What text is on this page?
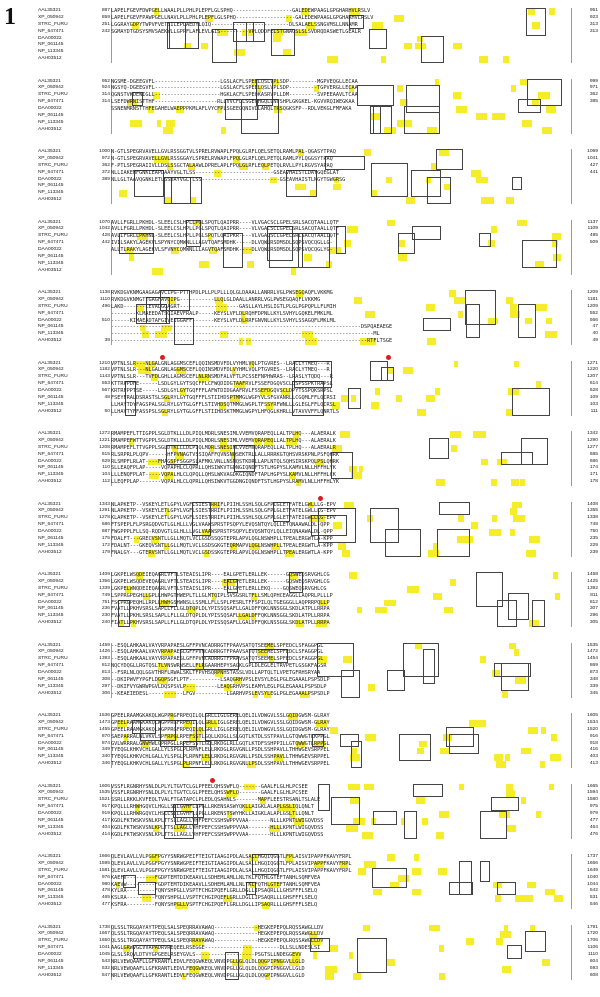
1	AAL35321
XP_050942
STRC_FURU
NP_647471
DAA00022
NP_061145
NP_113345
AAH03512
887
859
251
242
LAPELFGEVFDWPGELLWAALPLLPHLPLEPFLGLSPHQ-------------------GALEDEWPAAGLGPGHARHVLRSLV
LAPELFGEVFPAWPGELLNAVLPLLPHLPLEPFLGLSPHQ-------------------GALEDEWPAAGLGPGHARHVLRSLV
LGGRAYGDPYTWPVFVETSILEPLAEDYLQIQ-------------------------DLSALAELSSNGVMSLLNNAMR
SGMAYDTGDSYSMVSAEKWLLGPPFLAFLEVLGIS---------VPLQDDFELSTGNAGSLSLSVDRQDASWETLGEALR
951
923
313
313
AAL35321
XP_050942
STRC_FURU
NP_647471
DAA00022
NP_061145
NP_113345
AAH03512
952
924
314
314
NGSME-DGEEGVFL---------------------LGSLACFLSPEELQSLVPLSDP---------MGPVEQGLLECAA
NGSYQ-DGEEGVFL---------------------LGSLACFLSPEELQSLVPLSDP---------TGPVERGLLECAA
QGNSTVKDEWIGLL---------------------HGKLACFLSPEQKASRVPLLDM---------SVPEEAAVLTCAA
LSEFDWRNISTTHF--------------------RLLVVCFLLSGEGHGQLLNVSHPLGKGKEL-KGVVRQIWEGKAA
SSNENMRNSTTHFEGAHELWAEPPPKMLAFLVYCFPLSGEEGQNIVDLAHQLTRSQGKSFP--RDLVEKGLFMFAKA
999
971
362
385
AAL35321
XP_050942
STRC_FURU
NP_647471
DAA00022
NP_061145
NP_113345
AAH03512
1000
972
362
372
389
N-GTLSPEGRVAVELLGVLRSSGGTVLSPRELRVWAPLFPQLGLRFLQELSETQLRAMLPAL-QGASYTPAQ
N-GTLSPEGRVAVELLGVLRSSGGAYLSPRELRVWAPLFPQLGLRFLQELPETQLRAMLPYLQGGSYTPAQ
F-PTLSPEGRAIIVLLDSLSSGCTALAAWLDPRELAPLFPQLGLRFLEQLPETQLRVLLPYLRGVSYAPAQ
NLLIAKEMFGNKLEAPDAAYVGLTLSS-------------------------GSEAVHAISTLDAYGQEGLAT
NLLGLTAAVQGNKLETLSSDAYVGLTLSS-------------------------GSEAVHAISTLNGYTGWGRSG
1069
1041
427
441
AAL35321
XP_050942
STRC_FURU
NP_647471
DAA00022
NP_061145
NP_113345
AAH03512
1070
1042
428
442
AVLLFGRLLPKHDL-SLEELCSLHPLLPGLSPQTLQAIPRR----VLVGACSCLGPELSRLSACQTAALLQTF
AVLLFGRLLPKHDL-SLEELCSLHPLLPGLSPQTLQAIPRR----VLVGACSCLGPELSRLSACQTAALLQTF
AVLLFGRLLPKHNL-SLEELCSLHPLLPGLSPQTLQAIPKR----VLVGACSCLGPELSRLSACQTAALLQTF
IVILSAKYLAGEKVLSPYNYCQMWNLLLAGVTQAFSMDHK-----DLVQWLRSDMSDLSQPSVQCQGLLG-
ALLTLRAKYLAGEKVLSFVNYCQMWNLLLAGVTQAFSMDHK----DLVQWLRSDMSDLSQPSVQCQGLYG-
1137
1109
495
509
AAL35321
XP_050942
STRC_FURU
NP_647471
DAA00022
NP_061145
NP_113345
AAH03512
1138
1110
496
510
39
RVKDGVKNMGAAGAGAVCIPG-PTTHPDLPLLPLPLLLQLGLDAAALLANRRLVGLPWSEGQAQFLVKKMG
RVKDGVKNMGTTGAGFAVCIPG-----------LLQLGLDAALLANRRLVGLPWSEGQAQFLVKKMG
LAKD-------LEVALGGAGRT-------------------GASLLAYLHSLIGTLPLGLPGPQPLLFLMIH
--------KLMAEEDATSGIAEVFRALP-----KEYSLVFLDLRQHFDPNLLKYLSVHYLGQKELFMKLML
------KIMAEADTAFGIVEIGGAFF-------KEYSLVFLDLRRFGNVNLLKYLSVHYLSSAGQFLMKLML
--------------------------------------------------------------------------------DSPQAEAEGE
------------------------------------------------------------------------------------ML
----------------------------------------------------------------------------------RTFLTSGE
1209
1181
1209
552
566
47
40
49
AAL35321
XP_050942
STRC_FURU
NP_647471
DAA00022
NP_061145
NP_113345
AAH03512
1210
1182
1143
553
567
48
50
VPTNLSLR---NLGALGNLAGGMSCEFLQQINSMDVFDLVYHMLVQLPTGVRES--LRACLYTMEQ---R
VPTNLSLR---NLGALGNLAGGMSCEFLQQINSMDVFDLVYHMLVQLPTGVRES--LRACLYTMEQ---R
VPTNLSLR---TVFDLGHLLAGMSCEFLNLRNSMDFALVFTLPCSSEFNPHWRAS--LRASLYTQDQ---R
KTTRPPDFE------LSDLGYLGYTSQCFFLCFWQDIDGTAAFRVLFSSEFDGQVSCLQSPSSPKTRAPSL
KRTRFPPTSE-----LSDLGYLGYTGQFFFLAFWTDIDGAAFRVLFSSEFDGQVSCLDPYTSSPQKSRPSL
FSEYFRALDSRASTSLSGLRYLGYTGQFFFLSTIIHDSPTMMGLWGPYVLSFGVANRLLCGQMLFFLQCRSI
LLHAYTDYFAGSPALSGLRYLGYTGLGFFLSTIVHDSQTMMGLWGPLTFSSYRFWNLLLGLEGLFFLQCRSL
LLHAVTYFFASSPSLSGLRYLGYTGLGFFLSTIIHDSKTMMGLWGPYLHFQGLKHRLLVTAVVVFFLQNRTLS
1271
1220
1207
614
628
109
103
111
AAL35321
XP_050942
STRC_FURU
NP_647471
DAA00022
NP_061145
NP_113345
AAH03512
1272
1221
1208
615
629
110
104
112
RMAMPEFLTTIGPPLSGLDTKLLLDLPIQLMDRLSNESIMLVVEMVQRAPEQLLALTPLHQ---ALAERALK
RMAMPEFWTTVGPPLSGLDTKLLLDLPIQLMDRLSNESIMLVVEMVQRAPEQLLALTPLHQ---ALAERALK
RMAMPEFLTTVGPPLSGLDTKLLLDLPIQLMDRLSNESIMLVVEMVQRAPEQLLALTPLHQ---ALAERALR
RLSRPRLPLQPV------HFPVNAGTVSSIQAFFQVNSNQSEKTRLLALLRRRKGTQHSVRSKPNLPSFQHRK
RLSMPFLRLAT----FHAGSPFSGGPSLAFMKLVNLLNSNQSTKDRLLAPLNTQLSQHSIRSKPQLPSLQHRK
SLLEAQFPLAP-----VQPAPHLCLQPRLLQHSIWKVTGDNGIQNDFTSTLHGPYSLKAMVLNLLHFFHLYK
LLLENQFPLAT-----VQPALHLCLQPQLLQHSLWKVAGDKGIQNDFTAPLHGPYSLKAMVLNLLHFFHLCK
LLEQFPLAP-------VQPALHLCLQPRLLQHSIWKVTGGDNGIQNDFTSTLHGPYSLRAMVLNLLHFFHLYK
1342
1290
1277
685
686
174
171
178
AAL35321
XP_050942
STRC_FURU
NP_647471
DAA00022
NP_061145
NP_113345
AAH03512
1343
1291
1278
686
687
175
172
179
NLAPKETP--VSKEYLETLGPYLVGFLSIESTRRIFLPIIHLSSHLSQLGFPLGLETFATELGWLLLG-EPV
NLAPKETP--VSKEYLETLGPYLVGFLSIESTRRIFLPIIHLSSHLSQLGFPLGLETFATELGWLLLG-EPV
KLAPKETP--VSKEYLETLGPYLVGFLSIESTRRIFLPIIHLSSHLSQLGFPLGLETFATEIGWLLLG-EPV
FTSPEPLFLPSRGQDVGTLGLHLLLVGLVAAWSPRSTPSQPYLEVQSNTQYLQLLETQNAAWALDL-QPP
FWGPPPLFLLSQ-RQDVGTLGLHLLLVGLVAAWSPRSTPSQPYLEVQSNTQYLQLLEIQNAAWALDL-QPP
FDALFT---GRECVSNTLLGLLMQTLVCLGSDSSQGTEPRLAPVLQGLNSWHPLLTPEALERGWTLA-KPP
FDALNT---GKEQVSNTLLGLLMQTLVCLGSDSGKGTEQRMAPVLQGLNSWHPLLTPEALERGWTLA-KPP
FNALGY---GTERVSNTLLGLLMQTLVCLGSDSSKGTEPRLAPVLQGLNSWHPLLTPEALERGWTLA-KPP
1408
1355
1338
748
750
235
229
239
AAL35321
XP_050942
STRC_FURU
NP_647471
DAA00022
NP_061145
NP_113345
AAH03512
1409
1356
1339
749
751
236
230
240
LGKPELWSQDEIEQAGRLVFTLSTEAISLIPR----EALGPETLERLLEK------GQSWEQSRVGHLCG
LGKPELWSQDEVEQAGRLVFTLSTEAISLIPR----EALGPETLERLLEK------GQSWEQSRVGHLCG
LGKPELWNQDEIEQAGRLVFTLSTEAISLIPR----EALGPETLERLLEKQ----GQSWEQSRVGHLCG
LSPPRGPEGHLLGPLLHWPGTHWEPLTLLGLMTQIPLSVSGSRLTFLLSMLQPHCEAGGLLAQPRLPLLLP
FSCPRGPEQHLLRPLLHWHGSHWNSLLSSMLLFLLSPLPESRLTFFSPILQLTGEGGGLLAQPRRPQLLP
FVATLLPKHVSRSLSAPLLFLLGLDTQPLDLYPISSQSAFLLGALDFFQKLNNSGGLSKDLATPLLRRPA
FVATLLPKHLSRSLSAPLLFLLGLDTQPLDLYPISSQSAFLLGALDFFQKLNNSGGLSKDLATPLLRRPA
FIATLLPKHVSRSLSAPLLFLLGLDTQPLDLYPISSQSAFLLGALDFFQKLNSSGGLSKDLATPLLRRPA
1458
1425
1392
811
812
307
296
305
AAL35321
XP_050942
STRC_FURU
NP_647471
DAA00022
NP_061145
NP_113345
AAH03512
1459
1426
1393
812
813
308
297
306
--ESQLAHKAALVAYVRPAPAESLGFFPVNCADRRGTFPAAVSATQTSEEMELSPFEDCLSFAGGPGL
--ESQLAHKAALVAYVRPAPAESLGFFPVNCADRRGTFPAAVSATQTSEEMELSPFEDCLSFAGGPGL
--ESQLAHKAALVAYVRPAPAESLGFFPVNCADRRGTFPAAVSATQTSEEMELSPFEDCLSFAGGPGL
NQCYDQGLLRGTQSLTLVNSWRNSELLFLRGAARHEPYSAGKLGPLDLEGLELTRVPETLGSGKFAGSR
--FSRLNLQQLGGVTHRFLRWALSKLTFPVHSQRPNHSTASSLVDLLAPTQLTLVPETGFRHSRYAA
--DKIPWVFYPGFLDGQPSGFLPTF----------LSAQGRHVPSLEVSYLEGLPGLEGAAALPSPSDLP
--DKIFVYGWRWPGVLDQSPSVLP----------LEAQGRHVPSLEAMYLEGLPGLEGAAALPSPSDLP
--KEAEIEDESL-----------LFGV----------LGARHVPSLEVSYLEGLPGLEGAAALPSPSDLP
1535
1472
1454
869
873
348
339
345
AAL35321
XP_050942
STRC_FURU
NP_647471
DAA00022
NP_061145
NP_113345
AAH03512
1536
1473
1455
870
874
349
340
346
GPEELRAAMGKAKQLWGPPRGFRPEQILQLGRLLIGLGERELQELILVDWGVLSSLGQIDGWSM-GLRAY
GPEELRAAMGKAKQLWGPPRGFRPEQILQLGRLLIGLGERELQELILVDWGVLSSLGQIDGWSM-GLRAY
GPEELRAAMGKAKQLWGPPRGFRPEQILQLGRLLIGLGERELQELILVDWGVLSSLGQIDGWSM-GLRAY
SAEPARRALWLVKVLSPFRPGLRPEFSSTLGQLLKDGLLSLGQTLKTDLSSTPAVLLGTQWWGTLKPPGL
GVLWRRRALGNWHWLGPRPGLLRPEFSSTLGLLRKDGLRLLGQTLKTDFSSHPPILLGTQWWGTLRPPGL
TYEQGLKHKVCHLGALLYLSPGLPLRPNFLELLRKDGLRGVGNLLPSDLSSHPAVLLTHHWGEVSRPPEL
TYEQGLKHKVCHLGALLYLSPGLPLRPNFLELLRKDGLRGVGNLLPSDLSSHPAVLLTHHWGEVSRPPEL
TYEQGLKHKVCHLGALLYLSPGLPLRPNFLELLRKDGLRGVGNLLPSDLSSHPAVLLTHHWGEVSRPPEL
1605
1534
1520
916
918
416
403
413
AAL35321
XP_050942
STRC_FURU
NP_647471
DAA00022
NP_061145
NP_113345
AAH03512
1606
1535
1521
917
919
417
404
414
VSSFLRGNRHYSNLDLPLYLTGVTCLGLPFEELQHSSWFLQ-------GAALFLGLHLPCSEE
VSSFLRGNRHYSNLDLPLYLTGVTCLGLPFEELQHSSWFLQ-------GAALFLGLHLPCSEE
SSRLLRKKLKVFEQLTVALFTGATAPCLPLEDLQSAHNLS-------MAPFLEESTRSANLTSLALE
KPQLLLRHWHGQVCLHGLLSLLGVHFLLPGLLRKENSASWYQKLLAIGKLALAPLGSLIQLQNLT
KPQLLLRHWRGQVCLHSLLSLLGVHFLLPGLLRKENSTSWYHKLLAIGKLALAPLGSLTLLQNLT
KGDLFKTWSKVSNLKPLTTSLLAGLLVHFPEFCSSHSWPPVVAA-------NLLLKPNTLWIGQVDSS
KGDLFKTWSKVSNLKPLTTSLLAGLLVHFPEFCSSHSWPPVVAA-------HLLLKPNTLWIGQVDSS
KGDLFKTWSKVSNLKPLTTSLLAGLLVHFPEFCSSHSWPPVVAA-------HLLLKPNTLWIGQVDSS
1665
1594
1580
975
979
477
464
476
AAL35321
XP_050942
STRC_FURU
NP_647471
DAA00022
NP_061145
NP_113345
AAH03512
1666
1595
1581
976
980
478
465
477
QLEVLAVLLVLPGGFPGYYSNRWGPEIFTEIGTIAAGIPDLALSALLHGQIQGGTLFPLAISVIPAPPFKAVYFRPL
QLEVLAVLLVLPGGFPGYYSNRWGPEIFTEIGTIAAGIPDLALSALLHGQIQGGTLFPLAISVIPAPPFKAVYFRPL
QLEVLAVLLVLPGGFPGYYSNRWGPEIFTEIGTIAAGIPDLALSALLHGQIQGGTLFPLAISVIPAPPFKAVYFRPL
KAEFV---------FGDPTEMTDIKEAAVLLSDHEMLAMLLNLTKLFQTHLGTEFTANHLSQMFVEA
KAEVW---------FGDPTEMTDIKEAAVLLSDHEMLAMLLNLTKLFQTHLGTEFTANHLSQMFVEA
KYLRA---------FQNYSHPGLLVSPTFCHGIPQEFLGRLLDGLLIPSAQRLLLGHSFFFLSELQ
KSLRA---------FQNYSHPGLLVSPTFCHGIPQEFLGRLLDGLLIPSAQRLLLGHSFFFLSELQ
KSFRA---------FQNYSHPGLLVSPTFCHGIPQEFLGRLLDGLLIPSAQRLLLGHSFFFLSELQ
1737
1666
1649
1040
1044
542
531
546
AAL35321
XP_050942
STRC_FURU
NP_647471
DAA00022
NP_061145
NP_113345
AAH03512
1738
1667
1650
1041
1045
543
532
547
QLSSLTRGQAYAYTPEQLSALSPEQRRAVAWAQ--------------HEGKEPEPQLRQSSAWGLLDV
QLSSLTRGQAYAYTPEQLSALSPEQRRAVAWAQ--------------HEGKEPEPQLRQSSAWGLLDV
QLSSLTRGQAYAYTPEQLSALSPEQRRAVAWAQ--------------HEGKEPEPQLRQSSAWGLLDV
AAGLGRWVGLVVAPADRVREQEELRSEGGE------------------------DLLSLLNDESLSI
GLSLSRQVLDTVYGPGEELRSEYGVLS-------------------PSGTSLLNDEGGEVV
NRLVEWQAAFLLGFKRANTLEDVLFEQGWKEQLVNVDPGLLGLQLDLQQGPIPNGGVLLGLD
NRLVEWQAAFLLGFKRANTLEDVLFEQGWKEQLVNVDPGLLGLQLDLQQGPIPNGGVLLGLD
NRLVEWQAAFLLGFKRANTLEDVLFEQGWKEQLVNVDPGLLGLQLDLQQGPIPNGGVLLGLD
1791
1720
1706
1106
1110
604
593
608
